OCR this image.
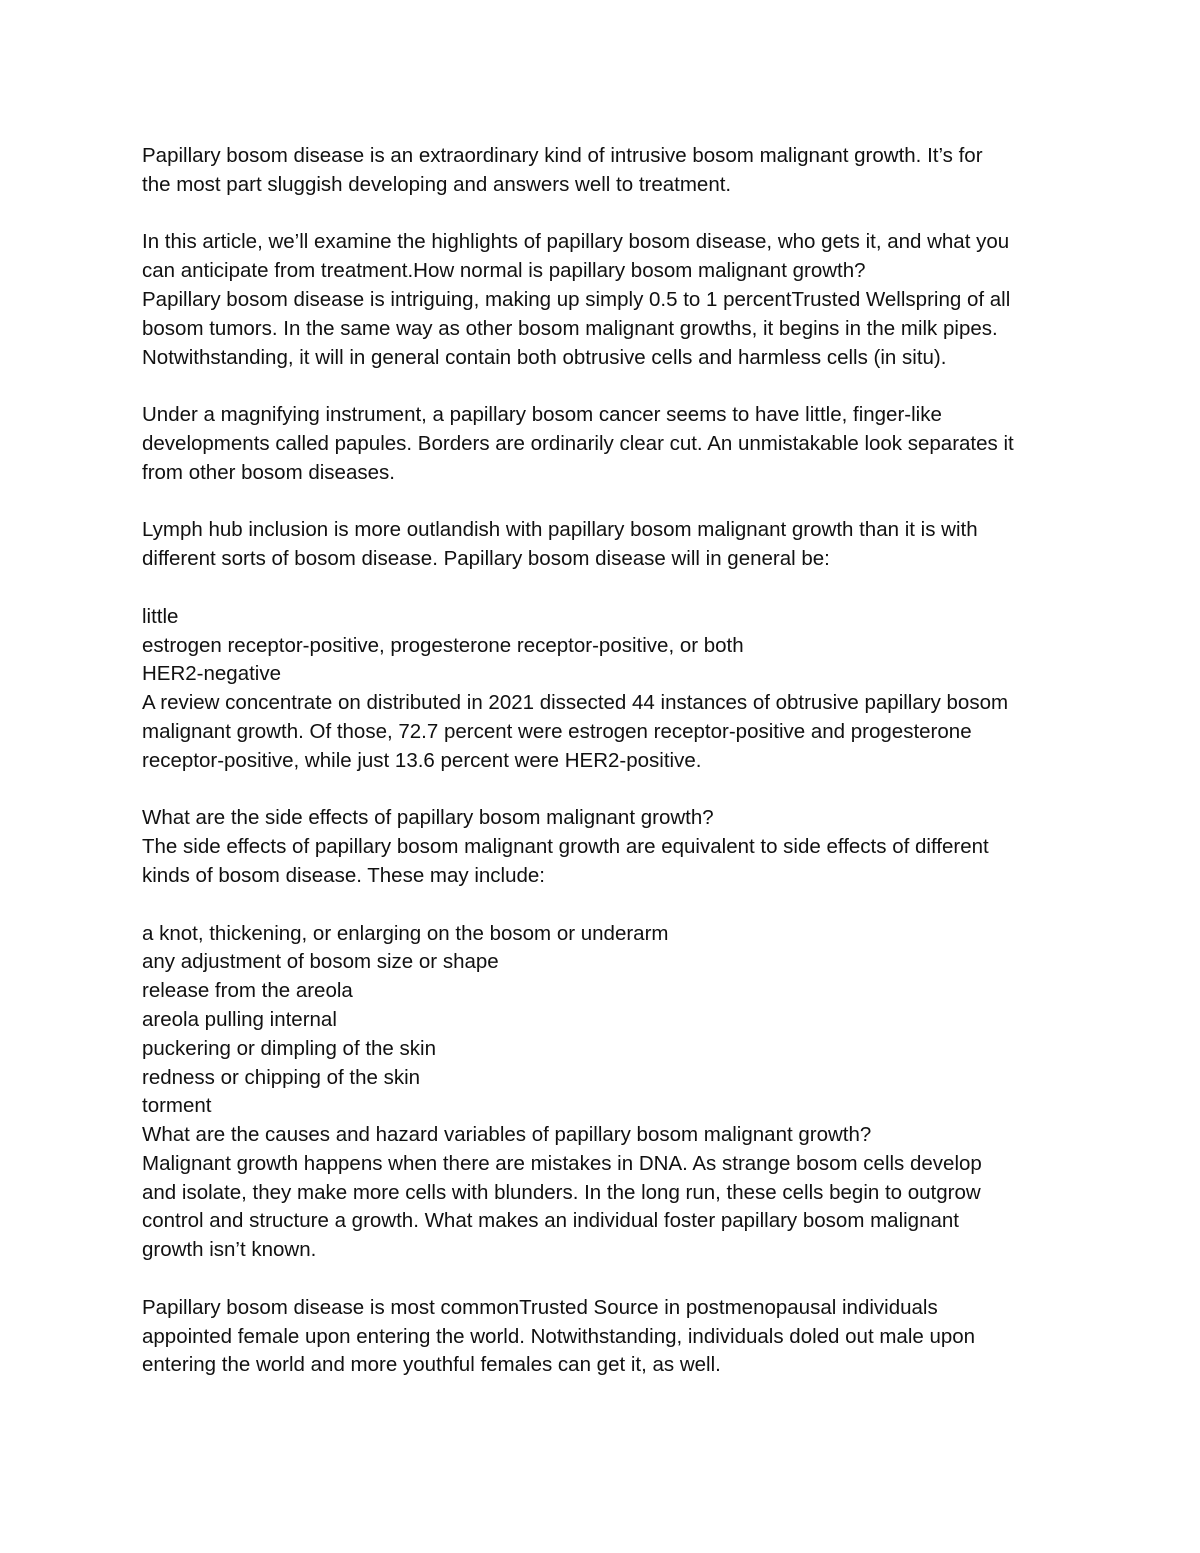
Papillary bosom disease is an extraordinary kind of intrusive bosom malignant growth. It’s for
the most part sluggish developing and answers well to treatment.
In this article, we’ll examine the highlights of papillary bosom disease, who gets it, and what you
can anticipate from treatment.How normal is papillary bosom malignant growth?
Papillary bosom disease is intriguing, making up simply 0.5 to 1 percentTrusted Wellspring of all
bosom tumors. In the same way as other bosom malignant growths, it begins in the milk pipes.
Notwithstanding, it will in general contain both obtrusive cells and harmless cells (in situ).
Under a magnifying instrument, a papillary bosom cancer seems to have little, finger-like
developments called papules. Borders are ordinarily clear cut. An unmistakable look separates it
from other bosom diseases.
Lymph hub inclusion is more outlandish with papillary bosom malignant growth than it is with
different sorts of bosom disease. Papillary bosom disease will in general be:
little
estrogen receptor-positive, progesterone receptor-positive, or both
HER2-negative
A review concentrate on distributed in 2021 dissected 44 instances of obtrusive papillary bosom
malignant growth. Of those, 72.7 percent were estrogen receptor-positive and progesterone
receptor-positive, while just 13.6 percent were HER2-positive.
What are the side effects of papillary bosom malignant growth?
The side effects of papillary bosom malignant growth are equivalent to side effects of different
kinds of bosom disease. These may include:
a knot, thickening, or enlarging on the bosom or underarm
any adjustment of bosom size or shape
release from the areola
areola pulling internal
puckering or dimpling of the skin
redness or chipping of the skin
torment
What are the causes and hazard variables of papillary bosom malignant growth?
Malignant growth happens when there are mistakes in DNA. As strange bosom cells develop
and isolate, they make more cells with blunders. In the long run, these cells begin to outgrow
control and structure a growth. What makes an individual foster papillary bosom malignant
growth isn’t known.
Papillary bosom disease is most commonTrusted Source in postmenopausal individuals
appointed female upon entering the world. Notwithstanding, individuals doled out male upon
entering the world and more youthful females can get it, as well.
